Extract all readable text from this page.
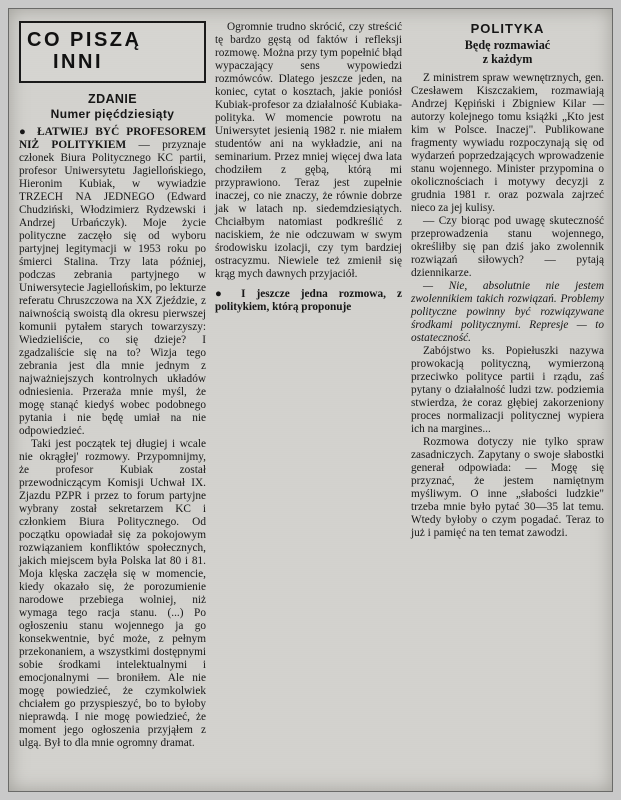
CO PISZĄ
INNI
ZDANIE
Numer pięćdziesiąty

● ŁATWIEJ BYĆ PROFESOREM NIŻ POLITYKIEM — przyznaje członek Biura Politycznego KC partii, profesor Uniwersytetu Jagiellońskiego, Hieronim Kubiak, w wywiadzie TRZECH NA JEDNEGO (Edward Chudziński, Włodzimierz Rydzewski i Andrzej Urbańczyk). Moje życie polityczne zaczęło się od wyboru partyjnej legitymacji w 1953 roku po śmierci Stalina. Trzy lata później, podczas zebrania partyjnego w Uniwersytecie Jagiellońskim, po lekturze referatu Chruszczowa na XX Zjeździe, z naiwnością swoistą dla okresu pierwszej komunii pytałem starych towarzyszy: Wiedzieliście, co się dzieje? I zgadzaliście się na to? Wizja tego zebrania jest dla mnie jednym z najważniejszych kontrolnych układów odniesienia. Przeraża mnie myśl, że mogę stanąć kiedyś wobec podobnego pytania i nie będę umiał na nie odpowiedzieć.

Taki jest początek tej długiej i wcale nie okrągłej' rozmowy. Przypomnijmy, że profesor Kubiak został przewodniczącym Komisji Uchwał IX. Zjazdu PZPR i przez to forum partyjne wybrany został sekretarzem KC i członkiem Biura Politycznego. Od początku opowiadał się za pokojowym rozwiązaniem konfliktów społecznych, jakich miejscem była Polska lat 80 i 81. Moja klęska zaczęła się w momencie, kiedy okazało się, że porozumienie narodowe przebiega wolniej, niż wymaga tego racja stanu. (...) Po ogłoszeniu stanu wojennego ja go konsekwentnie, być może, z pełnym przekonaniem, a wszystkimi dostępnymi sobie środkami intelektualnymi i emocjonalnymi — broniłem. Ale nie mogę powiedzieć, że czymkolwiek chciałem go przyspieszyć, bo to byłoby nieprawdą. I nie mogę powiedzieć, że moment jego ogłoszenia przyjąłem z ulgą. Był to dla mnie ogromny dramat.

Ogromnie trudno skrócić, czy streścić tę bardzo gęstą od faktów i refleksji rozmowę. Można przy tym popełnić błąd wypaczający sens wypowiedzi rozmówców. Dlatego jeszcze jeden, na koniec, cytat o kosztach, jakie poniósł Kubiak-profesor za działalność Kubiaka-polityka. W momencie powrotu na Uniwersytet jesienią 1982 r. nie miałem studentów ani na wykładzie, ani na seminarium. Przez mniej więcej dwa lata chodziłem z gębą, którą mi przyprawiono. Teraz jest zupełnie inaczej, co nie znaczy, że równie dobrze jak w latach np. siedemdziesiątych. Chciałbym natomiast podkreślić z naciskiem, że nie odczuwam w swym środowisku izolacji, czy tym bardziej ostracyzmu. Niewiele też zmienił się krąg mych dawnych przyjaciół.

● I jeszcze jedna rozmowa, z politykiem, którą proponuje

POLITYKA
Będę rozmawiać
z każdym

Z ministrem spraw wewnętrznych, gen. Czesławem Kiszczakiem, rozmawiają Andrzej Kępiński i Zbigniew Kilar — autorzy kolejnego tomu książki „Kto jest kim w Polsce. Inaczej". Publikowane fragmenty wywiadu rozpoczynają się od wydarzeń poprzedzających wprowadzenie stanu wojennego. Minister przypomina o okolicznościach i motywy decyzji z grudnia 1981 r. oraz pozwala zajrzeć nieco za jej kulisy.

— Czy biorąc pod uwagę skuteczność przeprowadzenia stanu wojennego, określiłby się pan dziś jako zwolennik rozwiązań siłowych? — pytają dziennikarze.

— Nie, absolutnie nie jestem zwolennikiem takich rozwiązań. Problemy polityczne powinny być rozwiązywane środkami politycznymi. Represje — to ostateczność.

Zabójstwo ks. Popiełuszki nazywa prowokacją polityczną, wymierzoną przeciwko polityce partii i rządu, zaś pytany o działalność ludzi tzw. podziemia stwierdza, że coraz głębiej zakorzeniony proces normalizacji politycznej wypiera ich na margines...

Rozmowa dotyczy nie tylko spraw zasadniczych. Zapytany o swoje słabostki generał odpowiada: — Mogę się przyznać, że jestem namiętnym myśliwym. O inne „słabości ludzkie" trzeba mnie było pytać 30—35 lat temu. Wtedy byłoby o czym pogadać. Teraz to już i pamięć na ten temat zawodzi.
